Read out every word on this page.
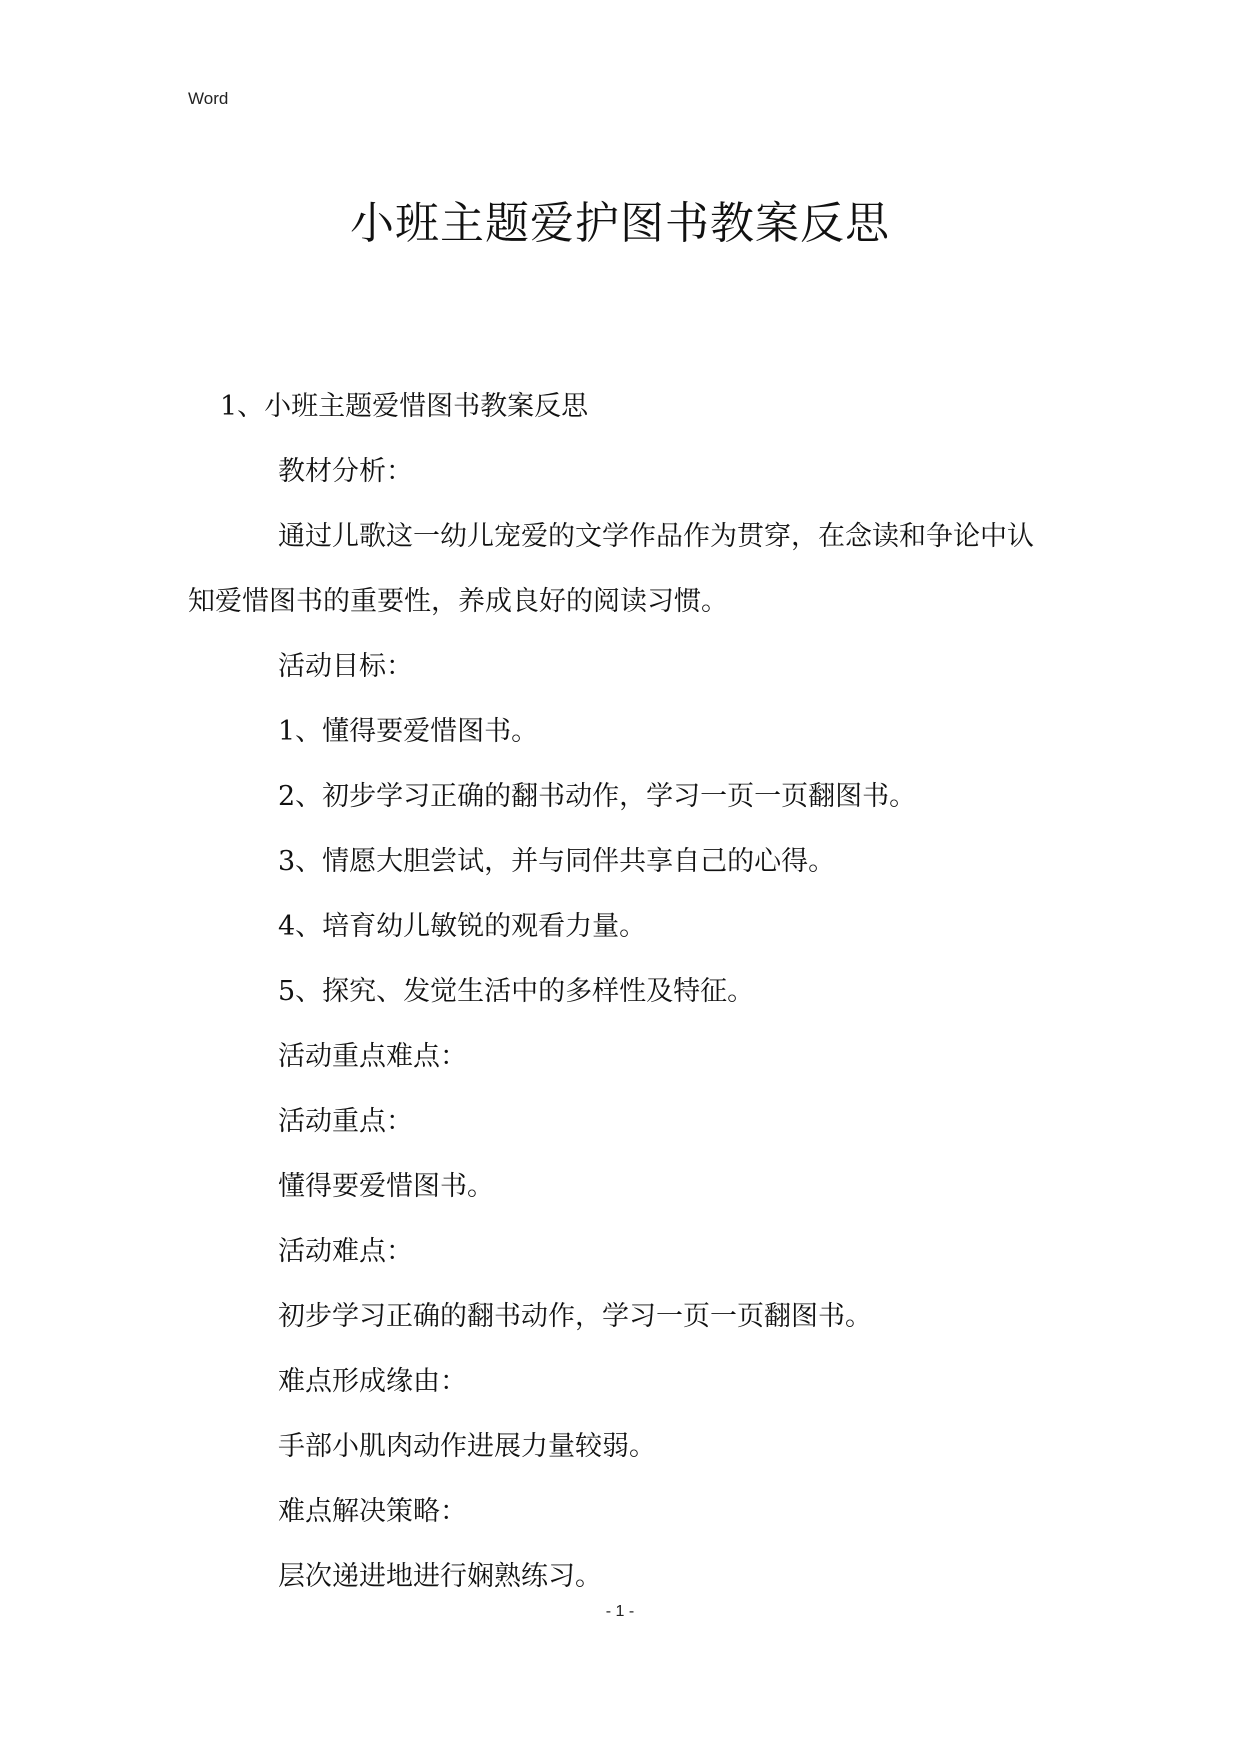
Word
小班主题爱护图书教案反思

1、小班主题爱惜图书教案反思

教材分析：

通过儿歌这一幼儿宠爱的文学作品作为贯穿，在念读和争论中认知爱惜图书的重要性，养成良好的阅读习惯。

活动目标：

1、懂得要爱惜图书。

2、初步学习正确的翻书动作，学习一页一页翻图书。

3、情愿大胆尝试，并与同伴共享自己的心得。

4、培育幼儿敏锐的观看力量。

5、探究、发觉生活中的多样性及特征。

活动重点难点：

活动重点：

懂得要爱惜图书。

活动难点：

初步学习正确的翻书动作，学习一页一页翻图书。

难点形成缘由：

手部小肌肉动作进展力量较弱。

难点解决策略：

层次递进地进行娴熟练习。

- 1 -
